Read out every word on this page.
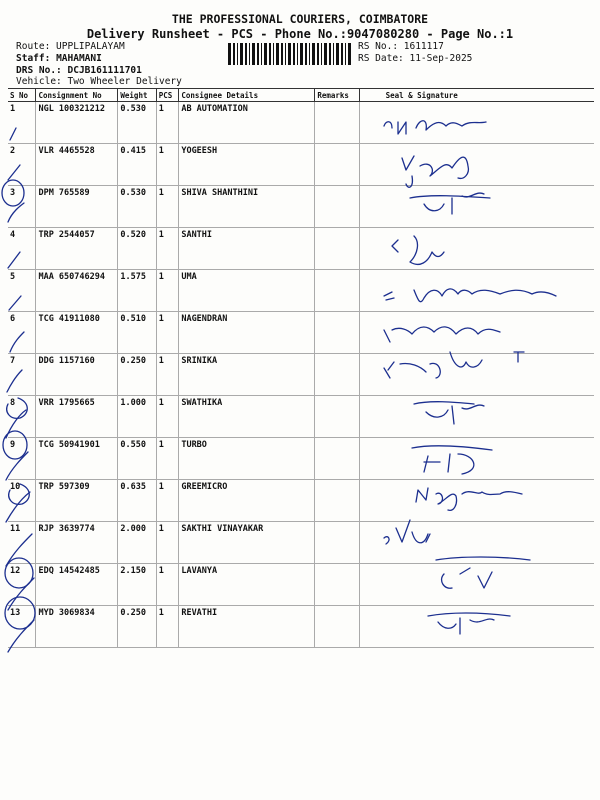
THE PROFESSIONAL COURIERS, COIMBATORE
Delivery Runsheet - PCS - Phone No.:9047080280 - Page No.:1
Route: UPPLIPALAYAM
Staff: MAHAMANI
DRS No.: DCJB161111701
Vehicle: Two Wheeler Delivery
RS No.: 1611117
RS Date: 11-Sep-2025
S No	Consignment No	Weight	PCS	Consignee Details	Remarks	Seal & Signature
1	NGL 100321212	0.530	1	AB AUTOMATION		
2	VLR 4465528	0.415	1	YOGEESH		
3	DPM 765589	0.530	1	SHIVA SHANTHINI		
4	TRP 2544057	0.520	1	SANTHI		
5	MAA 650746294	1.575	1	UMA		
6	TCG 41911080	0.510	1	NAGENDRAN		
7	DDG 1157160	0.250	1	SRINIKA		
8	VRR 1795665	1.000	1	SWATHIKA		
9	TCG 50941901	0.550	1	TURBO		
10	TRP 597309	0.635	1	GREEMICRO		
11	RJP 3639774	2.000	1	SAKTHI VINAYAKAR		
12	EDQ 14542485	2.150	1	LAVANYA		
13	MYD 3069834	0.250	1	REVATHI		
